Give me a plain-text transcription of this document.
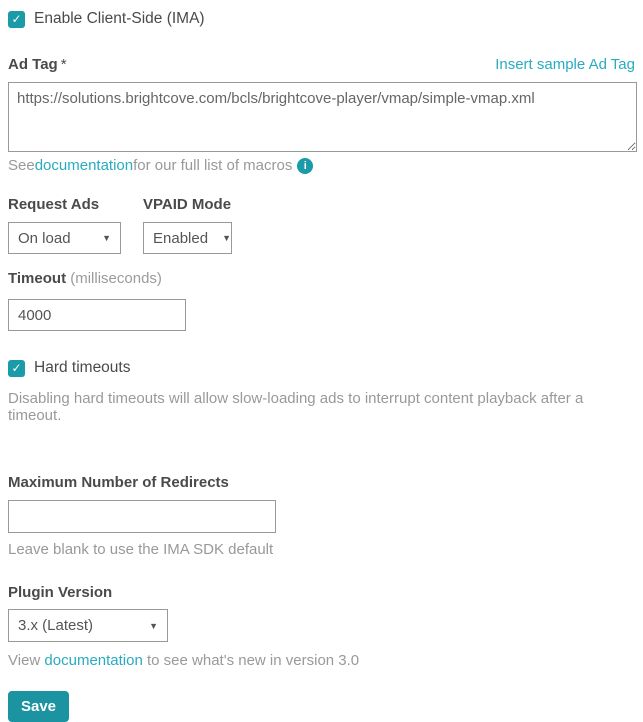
✓ Enable Client-Side (IMA)
Ad Tag *	Insert sample Ad Tag
https://solutions.brightcove.com/bcls/brightcove-player/vmap/simple-vmap.xml
See documentation for our full list of macros i
Request Ads
On load	▼
VPAID Mode
Enabled ▼
Timeout (milliseconds)
4000
✓ Hard timeouts
Disabling hard timeouts will allow slow-loading ads to interrupt content playback after a timeout.
Maximum Number of Redirects
Leave blank to use the IMA SDK default
Plugin Version
3.x (Latest)	▼
View documentation to see what's new in version 3.0
Save
